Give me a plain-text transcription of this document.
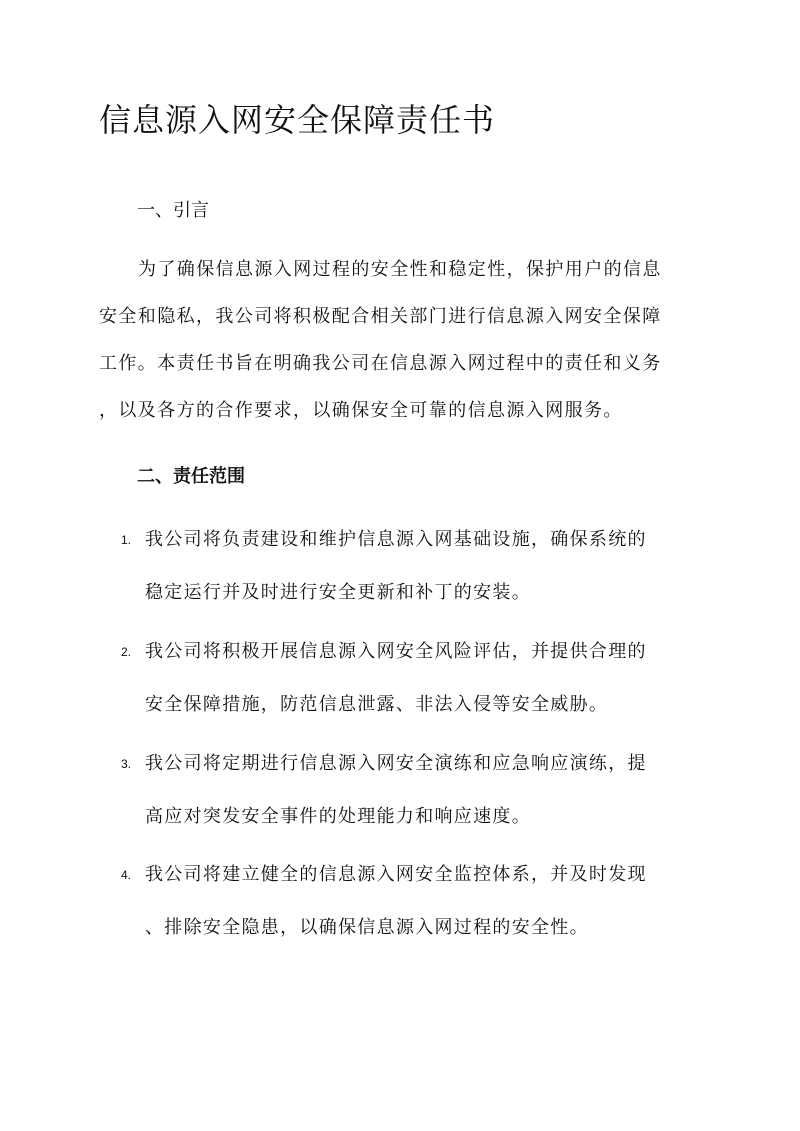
信息源入网安全保障责任书
一、引言
为了确保信息源入网过程的安全性和稳定性，保护用户的信息
安全和隐私，我公司将积极配合相关部门进行信息源入网安全保障
工作。本责任书旨在明确我公司在信息源入网过程中的责任和义务
，以及各方的合作要求，以确保安全可靠的信息源入网服务。
二、责任范围
1. 我公司将负责建设和维护信息源入网基础设施，确保系统的
稳定运行并及时进行安全更新和补丁的安装。
2. 我公司将积极开展信息源入网安全风险评估，并提供合理的
安全保障措施，防范信息泄露、非法入侵等安全威胁。
3. 我公司将定期进行信息源入网安全演练和应急响应演练，提
高应对突发安全事件的处理能力和响应速度。
4. 我公司将建立健全的信息源入网安全监控体系，并及时发现
、排除安全隐患，以确保信息源入网过程的安全性。
